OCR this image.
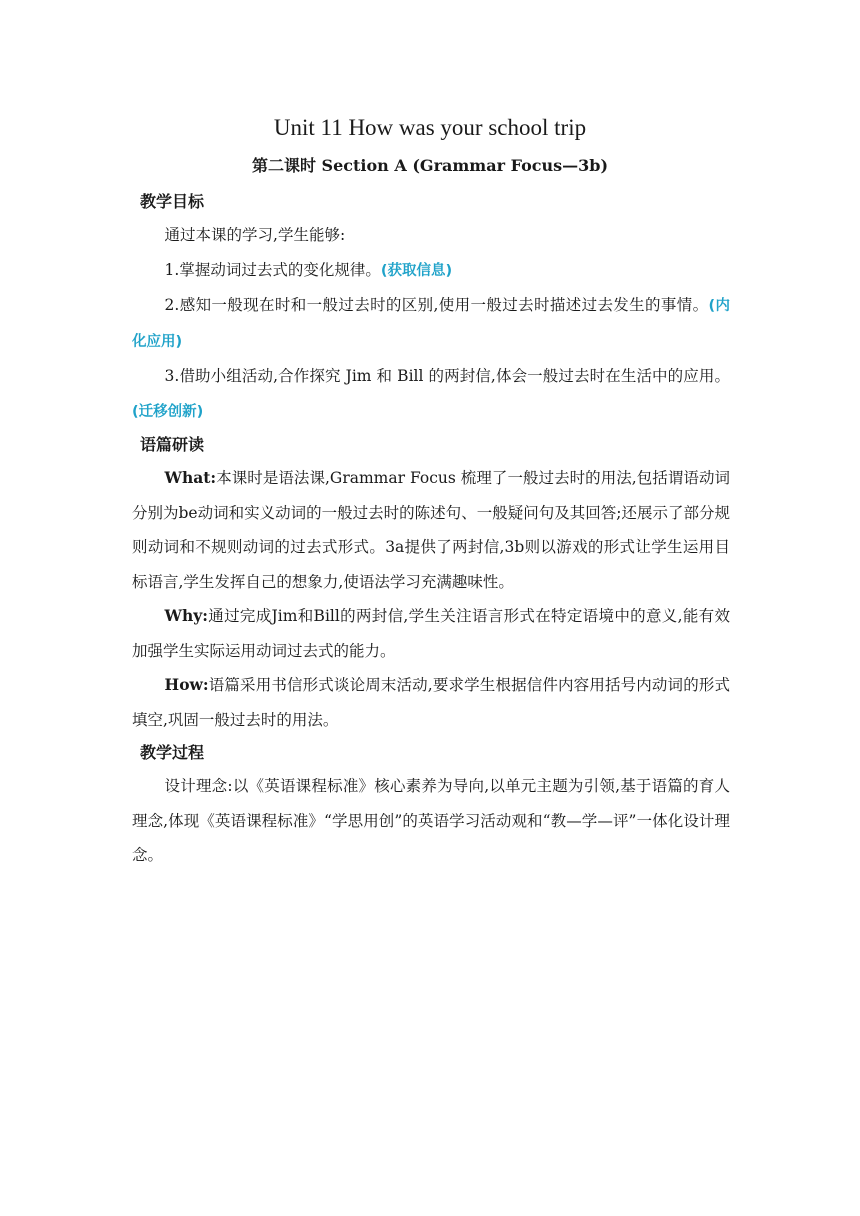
Unit 11 How was your school trip
第二课时 Section A (Grammar Focus—3b)
教学目标

通过本课的学习,学生能够:

1.掌握动词过去式的变化规律。(获取信息)

2.感知一般现在时和一般过去时的区别,使用一般过去时描述过去发生的事情。(内化应用)

3.借助小组活动,合作探究 Jim 和 Bill 的两封信,体会一般过去时在生活中的应用。(迁移创新)

语篇研读

What:本课时是语法课,Grammar Focus 梳理了一般过去时的用法,包括谓语动词分别为be动词和实义动词的一般过去时的陈述句、一般疑问句及其回答;还展示了部分规则动词和不规则动词的过去式形式。3a提供了两封信,3b则以游戏的形式让学生运用目标语言,学生发挥自己的想象力,使语法学习充满趣味性。

Why:通过完成Jim和Bill的两封信,学生关注语言形式在特定语境中的意义,能有效加强学生实际运用动词过去式的能力。

How:语篇采用书信形式谈论周末活动,要求学生根据信件内容用括号内动词的形式填空,巩固一般过去时的用法。

教学过程

设计理念:以《英语课程标准》核心素养为导向,以单元主题为引领,基于语篇的育人理念,体现《英语课程标准》“学思用创”的英语学习活动观和“教—学—评”一体化设计理念。
